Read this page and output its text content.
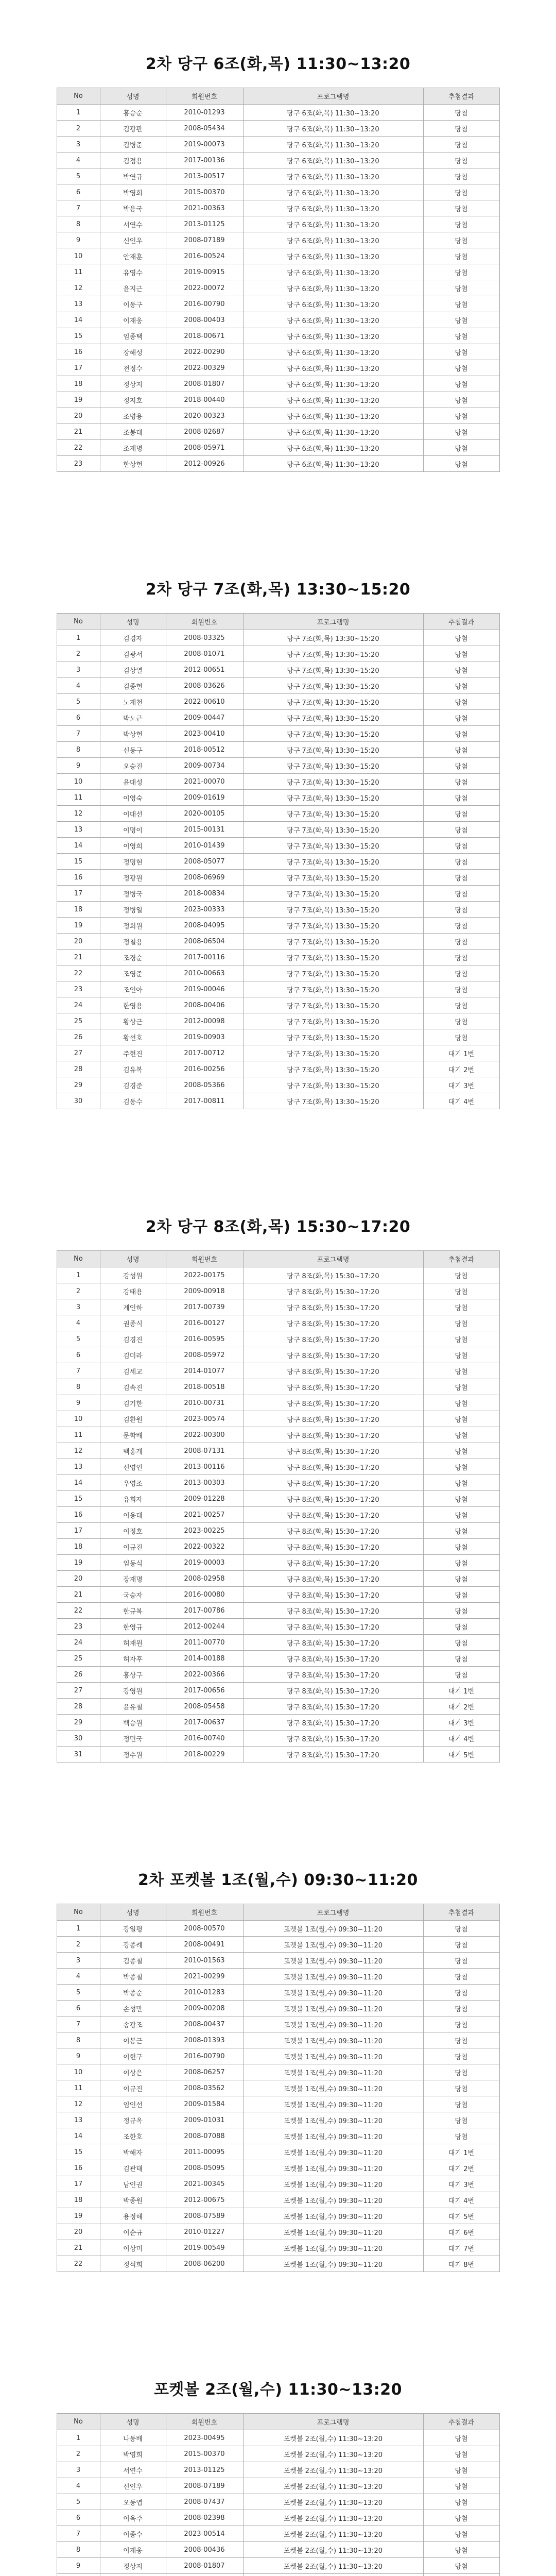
2차 당구 6조(화,목) 11:30~13:20
No	성명	회원번호	프로그램명	추첨결과
1	홍승순	2010-01293	당구 6조(화,목) 11:30~13:20	당첨
2	김광판	2008-05434	당구 6조(화,목) 11:30~13:20	당첨
3	김병준	2019-00073	당구 6조(화,목) 11:30~13:20	당첨
4	김정용	2017-00136	당구 6조(화,목) 11:30~13:20	당첨
5	박연규	2013-00517	당구 6조(화,목) 11:30~13:20	당첨
6	박영희	2015-00370	당구 6조(화,목) 11:30~13:20	당첨
7	박용국	2021-00363	당구 6조(화,목) 11:30~13:20	당첨
8	서연수	2013-01125	당구 6조(화,목) 11:30~13:20	당첨
9	신인우	2008-07189	당구 6조(화,목) 11:30~13:20	당첨
10	안재훈	2016-00524	당구 6조(화,목) 11:30~13:20	당첨
11	유영수	2019-00915	당구 6조(화,목) 11:30~13:20	당첨
12	윤지근	2022-00072	당구 6조(화,목) 11:30~13:20	당첨
13	이동구	2016-00790	당구 6조(화,목) 11:30~13:20	당첨
14	이재웅	2008-00403	당구 6조(화,목) 11:30~13:20	당첨
15	임종택	2018-00671	당구 6조(화,목) 11:30~13:20	당첨
16	장해성	2022-00290	당구 6조(화,목) 11:30~13:20	당첨
17	전정수	2022-00329	당구 6조(화,목) 11:30~13:20	당첨
18	정상지	2008-01807	당구 6조(화,목) 11:30~13:20	당첨
19	정지호	2018-00440	당구 6조(화,목) 11:30~13:20	당첨
20	조병용	2020-00323	당구 6조(화,목) 11:30~13:20	당첨
21	조봉대	2008-02687	당구 6조(화,목) 11:30~13:20	당첨
22	조재명	2008-05971	당구 6조(화,목) 11:30~13:20	당첨
23	한상헌	2012-00926	당구 6조(화,목) 11:30~13:20	당첨
2차 당구 7조(화,목) 13:30~15:20
No	성명	회원번호	프로그램명	추첨결과
1	김경자	2008-03325	당구 7조(화,목) 13:30~15:20	당첨
2	김광서	2008-01071	당구 7조(화,목) 13:30~15:20	당첨
3	김상열	2012-00651	당구 7조(화,목) 13:30~15:20	당첨
4	김종헌	2008-03626	당구 7조(화,목) 13:30~15:20	당첨
5	노재천	2022-00610	당구 7조(화,목) 13:30~15:20	당첨
6	박노근	2009-00447	당구 7조(화,목) 13:30~15:20	당첨
7	박상헌	2023-00410	당구 7조(화,목) 13:30~15:20	당첨
8	신동구	2018-00512	당구 7조(화,목) 13:30~15:20	당첨
9	오승진	2009-00734	당구 7조(화,목) 13:30~15:20	당첨
10	윤대성	2021-00070	당구 7조(화,목) 13:30~15:20	당첨
11	이영숙	2009-01619	당구 7조(화,목) 13:30~15:20	당첨
12	이대선	2020-00105	당구 7조(화,목) 13:30~15:20	당첨
13	이명이	2015-00131	당구 7조(화,목) 13:30~15:20	당첨
14	이영희	2010-01439	당구 7조(화,목) 13:30~15:20	당첨
15	정명현	2008-05077	당구 7조(화,목) 13:30~15:20	당첨
16	정광원	2008-06969	당구 7조(화,목) 13:30~15:20	당첨
17	정병국	2018-00834	당구 7조(화,목) 13:30~15:20	당첨
18	정병일	2023-00333	당구 7조(화,목) 13:30~15:20	당첨
19	정희원	2008-04095	당구 7조(화,목) 13:30~15:20	당첨
20	정철용	2008-06504	당구 7조(화,목) 13:30~15:20	당첨
21	조경순	2017-00116	당구 7조(화,목) 13:30~15:20	당첨
22	조영준	2010-00663	당구 7조(화,목) 13:30~15:20	당첨
23	조인아	2019-00046	당구 7조(화,목) 13:30~15:20	당첨
24	한영용	2008-00406	당구 7조(화,목) 13:30~15:20	당첨
25	황상근	2012-00098	당구 7조(화,목) 13:30~15:20	당첨
26	황선호	2019-00903	당구 7조(화,목) 13:30~15:20	당첨
27	주현진	2017-00712	당구 7조(화,목) 13:30~15:20	대기 1번
28	김유복	2016-00256	당구 7조(화,목) 13:30~15:20	대기 2번
29	김경준	2008-05366	당구 7조(화,목) 13:30~15:20	대기 3번
30	김동수	2017-00811	당구 7조(화,목) 13:30~15:20	대기 4번
2차 당구 8조(화,목) 15:30~17:20
No	성명	회원번호	프로그램명	추첨결과
1	강성원	2022-00175	당구 8조(화,목) 15:30~17:20	당첨
2	강태용	2009-00918	당구 8조(화,목) 15:30~17:20	당첨
3	계인하	2017-00739	당구 8조(화,목) 15:30~17:20	당첨
4	권종식	2016-00127	당구 8조(화,목) 15:30~17:20	당첨
5	김경진	2016-00595	당구 8조(화,목) 15:30~17:20	당첨
6	김미라	2008-05972	당구 8조(화,목) 15:30~17:20	당첨
7	김세교	2014-01077	당구 8조(화,목) 15:30~17:20	당첨
8	김속진	2018-00518	당구 8조(화,목) 15:30~17:20	당첨
9	김기한	2010-00731	당구 8조(화,목) 15:30~17:20	당첨
10	김환원	2023-00574	당구 8조(화,목) 15:30~17:20	당첨
11	문학배	2022-00300	당구 8조(화,목) 15:30~17:20	당첨
12	백홍개	2008-07131	당구 8조(화,목) 15:30~17:20	당첨
13	신영인	2013-00116	당구 8조(화,목) 15:30~17:20	당첨
14	우영조	2013-00303	당구 8조(화,목) 15:30~17:20	당첨
15	유희자	2009-01228	당구 8조(화,목) 15:30~17:20	당첨
16	이용대	2021-00257	당구 8조(화,목) 15:30~17:20	당첨
17	이정호	2023-00225	당구 8조(화,목) 15:30~17:20	당첨
18	이규진	2022-00322	당구 8조(화,목) 15:30~17:20	당첨
19	임동식	2019-00003	당구 8조(화,목) 15:30~17:20	당첨
20	장재명	2008-02958	당구 8조(화,목) 15:30~17:20	당첨
21	국승자	2016-00080	당구 8조(화,목) 15:30~17:20	당첨
22	한규복	2017-00786	당구 8조(화,목) 15:30~17:20	당첨
23	한영규	2012-00244	당구 8조(화,목) 15:30~17:20	당첨
24	허재원	2011-00770	당구 8조(화,목) 15:30~17:20	당첨
25	허자후	2014-00188	당구 8조(화,목) 15:30~17:20	당첨
26	홍상구	2022-00366	당구 8조(화,목) 15:30~17:20	당첨
27	강영원	2017-00656	당구 8조(화,목) 15:30~17:20	대기 1번
28	윤유철	2008-05458	당구 8조(화,목) 15:30~17:20	대기 2번
29	백승원	2017-00637	당구 8조(화,목) 15:30~17:20	대기 3번
30	정민국	2016-00740	당구 8조(화,목) 15:30~17:20	대기 4번
31	정수원	2018-00229	당구 8조(화,목) 15:30~17:20	대기 5번
2차 포켓볼 1조(월,수) 09:30~11:20
No	성명	회원번호	프로그램명	추첨결과
1	강일평	2008-00570	포켓볼 1조(월,수) 09:30~11:20	당첨
2	강종례	2008-00491	포켓볼 1조(월,수) 09:30~11:20	당첨
3	김종철	2010-01563	포켓볼 1조(월,수) 09:30~11:20	당첨
4	박종철	2021-00299	포켓볼 1조(월,수) 09:30~11:20	당첨
5	박종순	2010-01283	포켓볼 1조(월,수) 09:30~11:20	당첨
6	손성만	2009-00208	포켓볼 1조(월,수) 09:30~11:20	당첨
7	송광조	2008-00437	포켓볼 1조(월,수) 09:30~11:20	당첨
8	이봉근	2008-01393	포켓볼 1조(월,수) 09:30~11:20	당첨
9	이현구	2016-00790	포켓볼 1조(월,수) 09:30~11:20	당첨
10	이상은	2008-06257	포켓볼 1조(월,수) 09:30~11:20	당첨
11	이규진	2008-03562	포켓볼 1조(월,수) 09:30~11:20	당첨
12	임인선	2009-01584	포켓볼 1조(월,수) 09:30~11:20	당첨
13	정규옥	2009-01031	포켓볼 1조(월,수) 09:30~11:20	당첨
14	조한호	2008-07088	포켓볼 1조(월,수) 09:30~11:20	당첨
15	박해자	2011-00095	포켓볼 1조(월,수) 09:30~11:20	대기 1번
16	김관태	2008-05095	포켓볼 1조(월,수) 09:30~11:20	대기 2번
17	남인권	2021-00345	포켓볼 1조(월,수) 09:30~11:20	대기 3번
18	박종원	2012-00675	포켓볼 1조(월,수) 09:30~11:20	대기 4번
19	용정해	2008-07589	포켓볼 1조(월,수) 09:30~11:20	대기 5번
20	이순규	2010-01227	포켓볼 1조(월,수) 09:30~11:20	대기 6번
21	이상미	2019-00549	포켓볼 1조(월,수) 09:30~11:20	대기 7번
22	정석희	2008-06200	포켓볼 1조(월,수) 09:30~11:20	대기 8번
포켓볼 2조(월,수) 11:30~13:20
No	성명	회원번호	프로그램명	추첨결과
1	나동배	2023-00495	포켓볼 2조(월,수) 11:30~13:20	당첨
2	박영희	2015-00370	포켓볼 2조(월,수) 11:30~13:20	당첨
3	서연수	2013-01125	포켓볼 2조(월,수) 11:30~13:20	당첨
4	신인우	2008-07189	포켓볼 2조(월,수) 11:30~13:20	당첨
5	오동엽	2008-07437	포켓볼 2조(월,수) 11:30~13:20	당첨
6	이옥주	2008-02398	포켓볼 2조(월,수) 11:30~13:20	당첨
7	이종수	2023-00514	포켓볼 2조(월,수) 11:30~13:20	당첨
8	이재웅	2008-00436	포켓볼 2조(월,수) 11:30~13:20	당첨
9	정상지	2008-01807	포켓볼 2조(월,수) 11:30~13:20	당첨
